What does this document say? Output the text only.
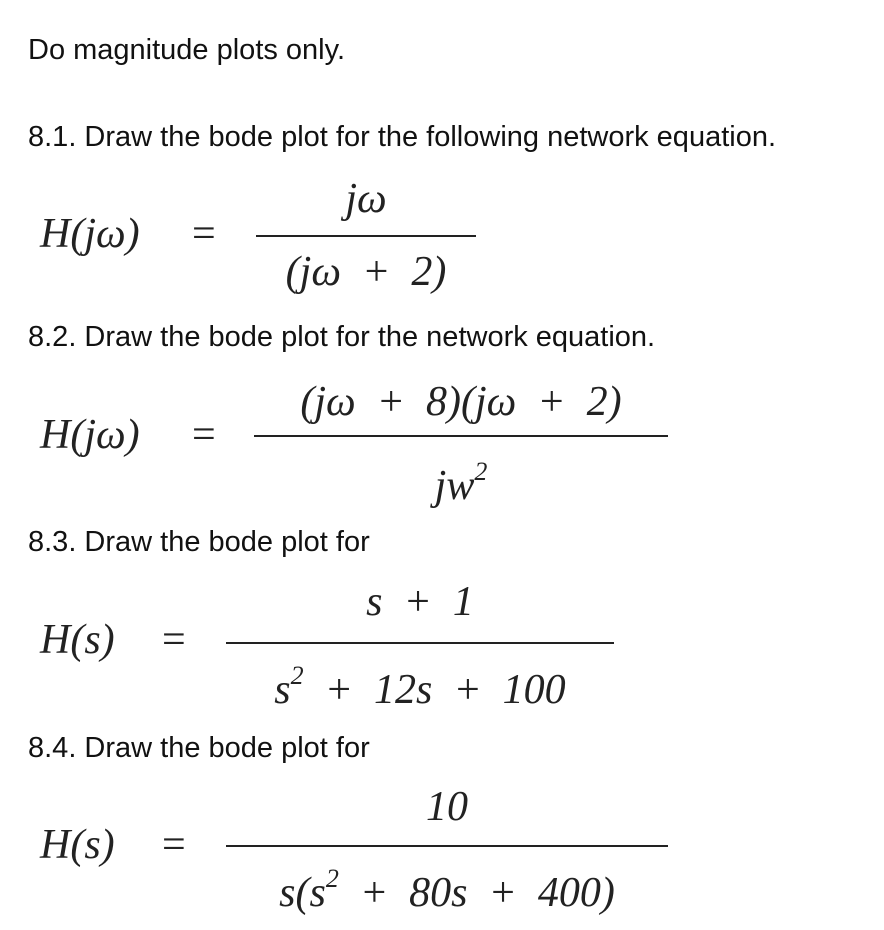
Do magnitude plots only.
8.1. Draw the bode plot for the following network equation.
H(jω) =
jω
(jω  +  2)
8.2. Draw the bode plot for the network equation.
H(jω) =
(jω  +  8)(jω  +  2)
$jw^2$
8.3. Draw the bode plot for
H(s) =
s  +  1
$s^2 + 12s + 100$
8.4. Draw the bode plot for
H(s) =
10
$s(s^2 + 80s + 400)$
